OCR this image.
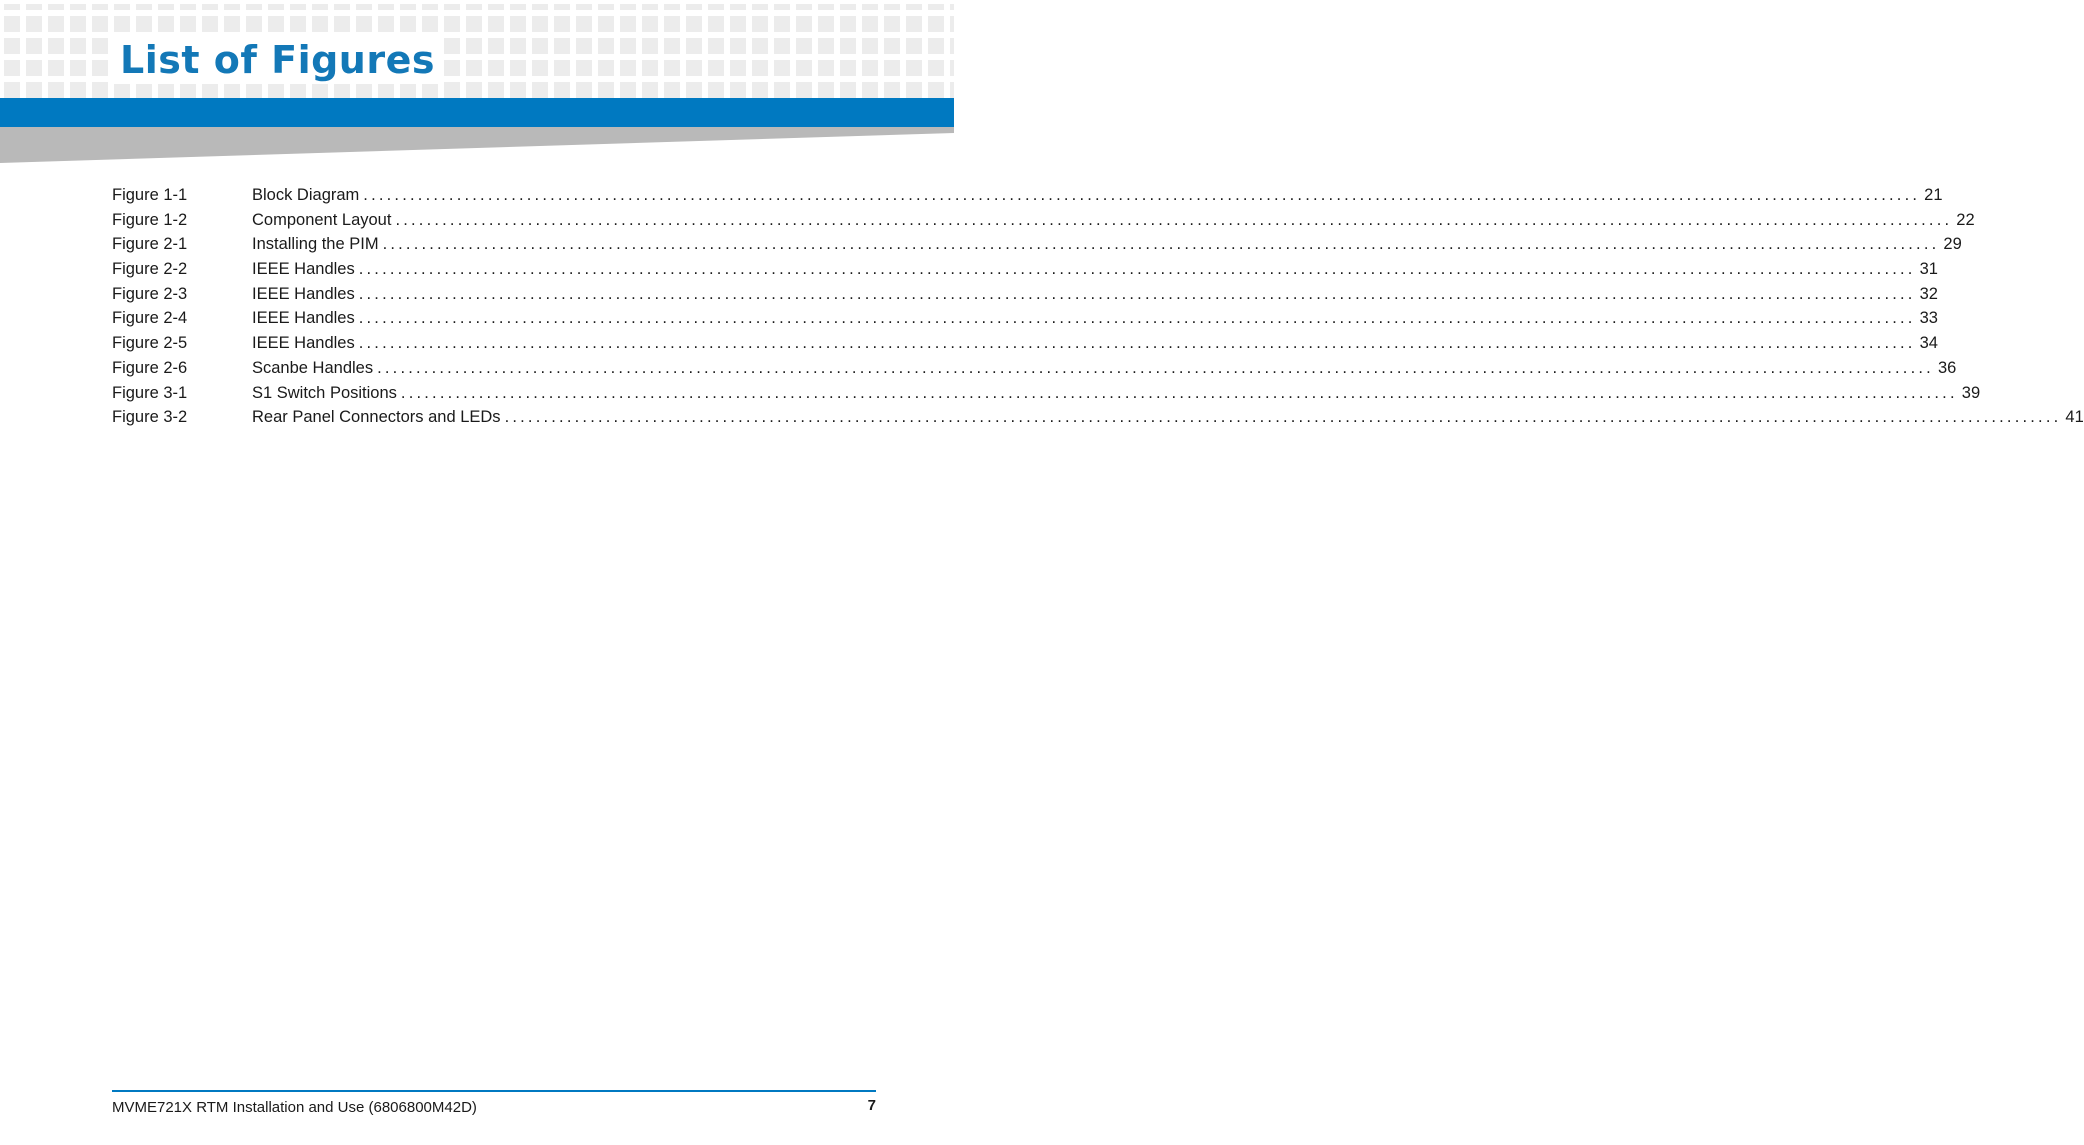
List of Figures
Figure 1-1	Block Diagram ........................................................................................................................................................................................................ 21
Figure 1-2	Component Layout ........................................................................................................................................................................................................ 22
Figure 2-1	Installing the PIM ........................................................................................................................................................................................................ 29
Figure 2-2	IEEE Handles ........................................................................................................................................................................................................ 31
Figure 2-3	IEEE Handles ........................................................................................................................................................................................................ 32
Figure 2-4	IEEE Handles ........................................................................................................................................................................................................ 33
Figure 2-5	IEEE Handles ........................................................................................................................................................................................................ 34
Figure 2-6	Scanbe Handles ........................................................................................................................................................................................................ 36
Figure 3-1	S1 Switch Positions ........................................................................................................................................................................................................ 39
Figure 3-2	Rear Panel Connectors and LEDs ........................................................................................................................................................................................................ 41
MVME721X RTM Installation and Use (6806800M42D)	7
